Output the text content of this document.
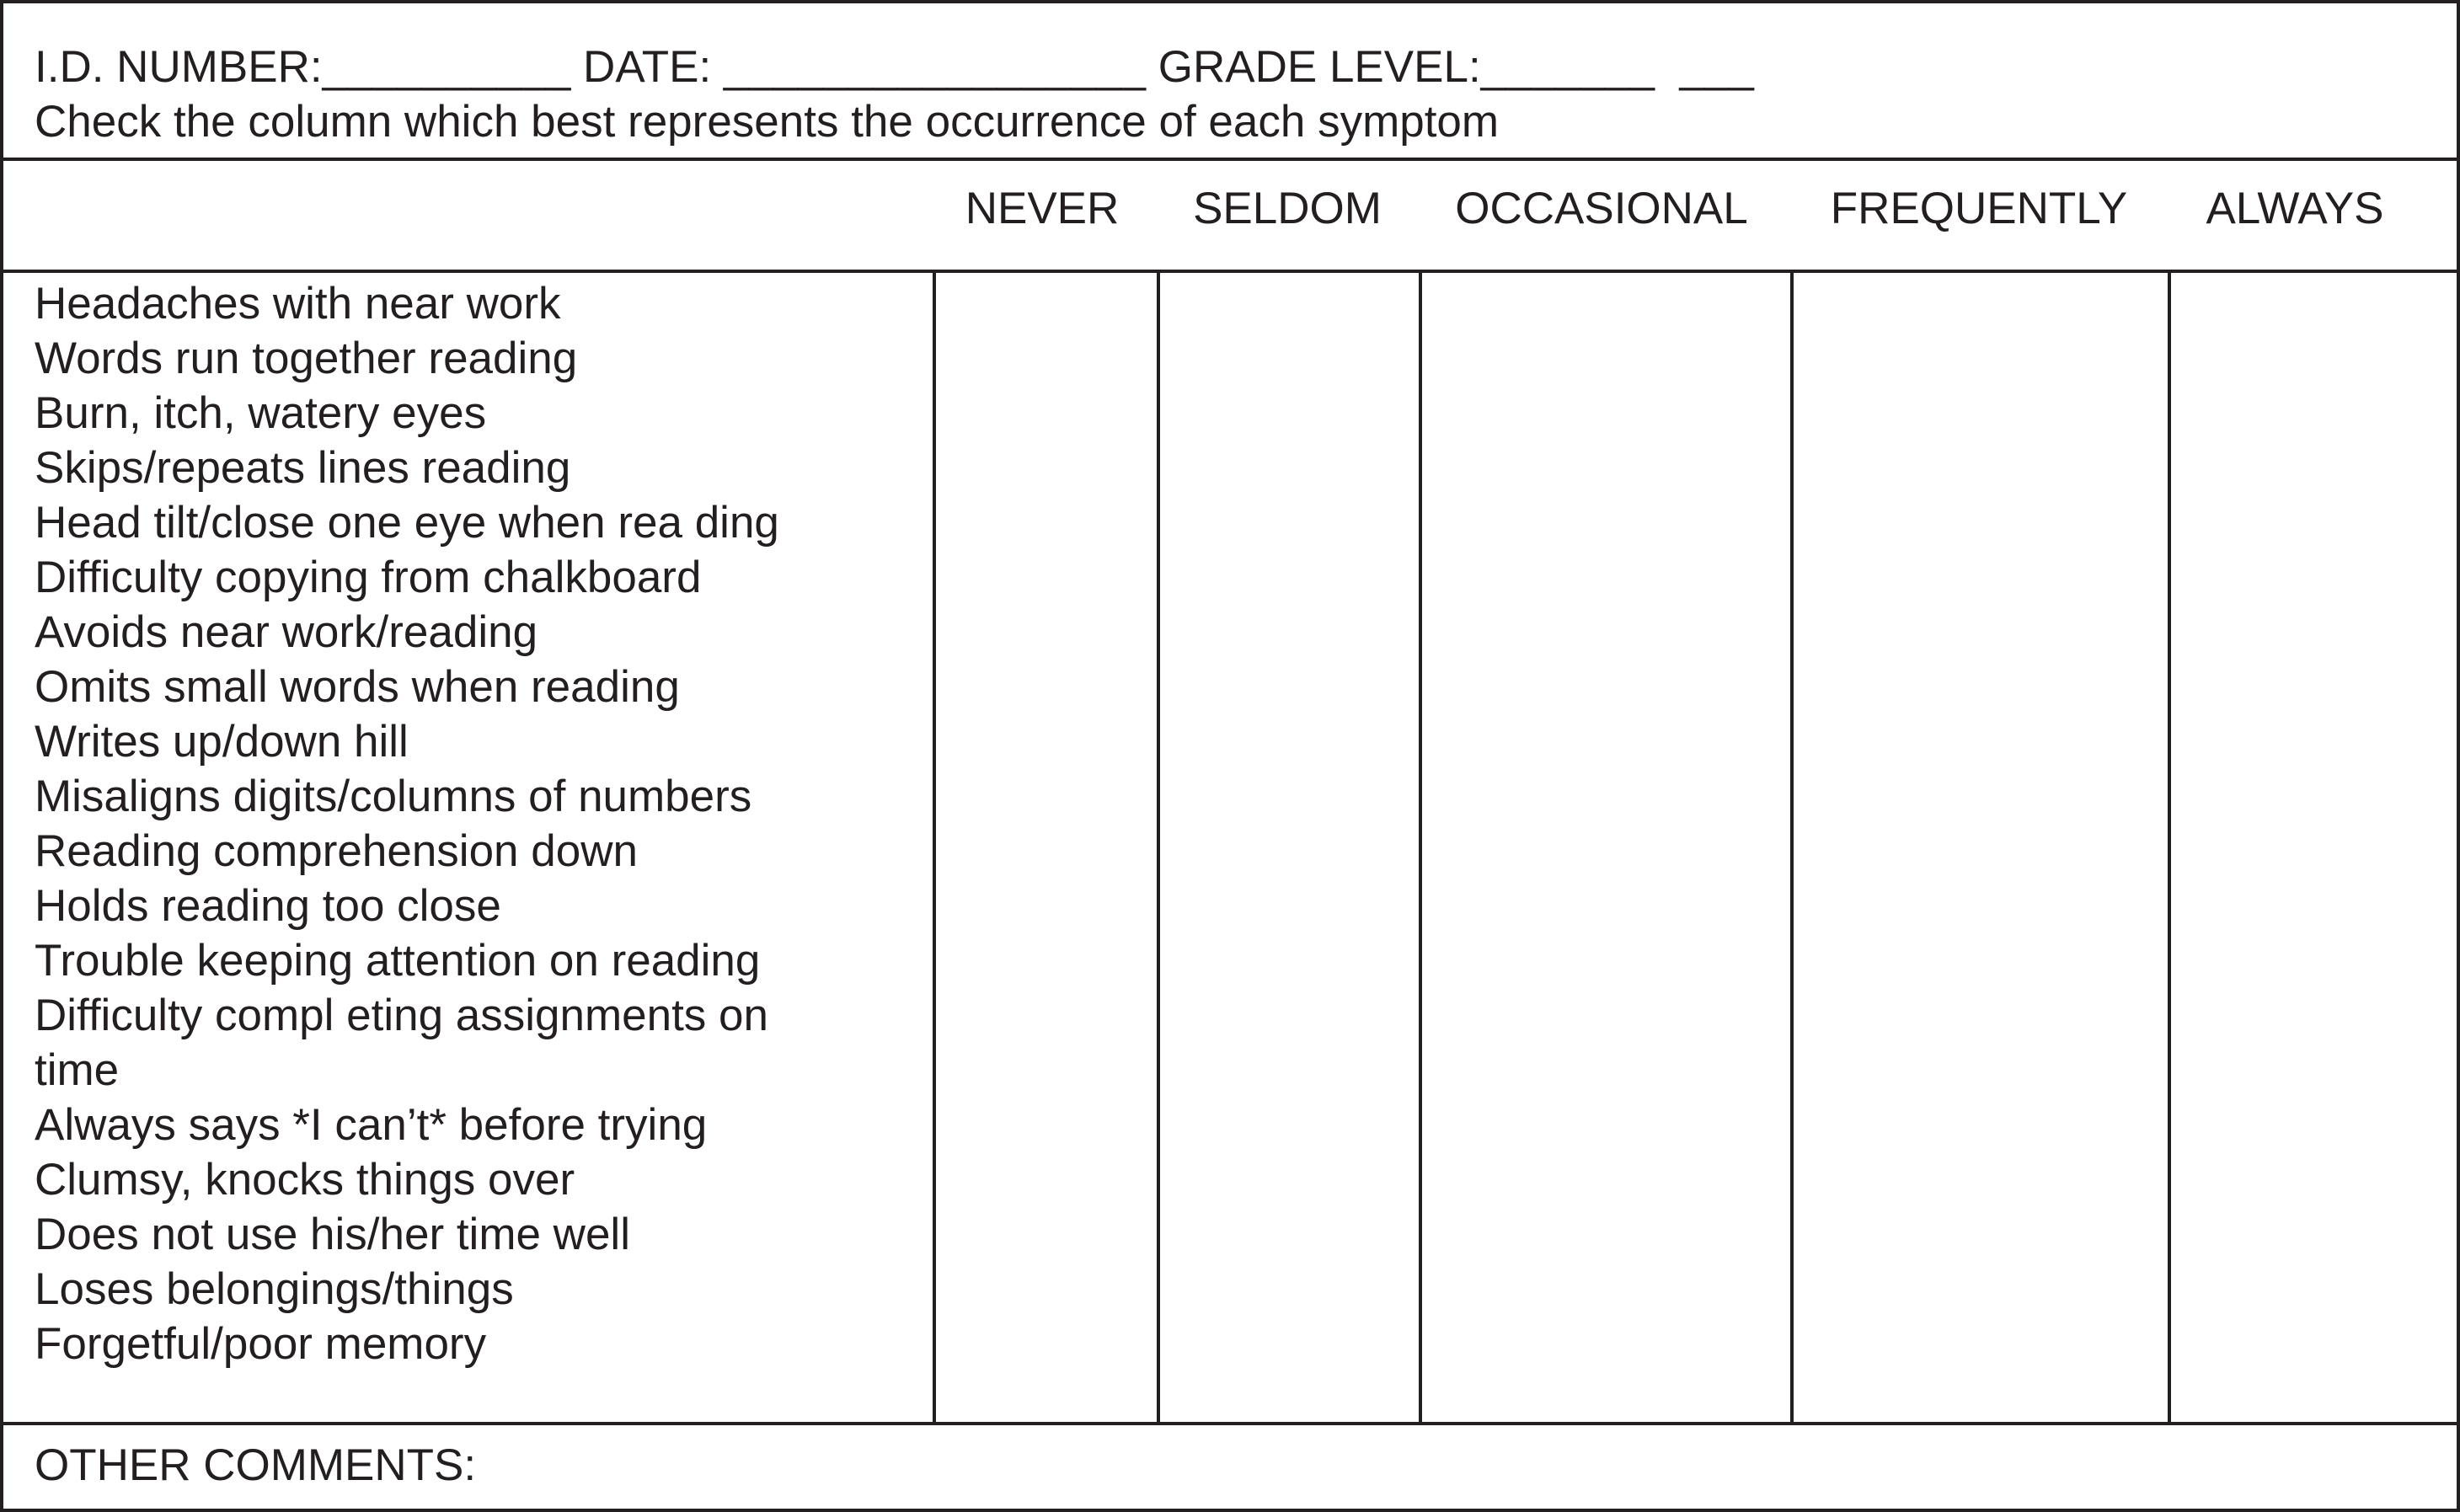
I.D. NUMBER:__________ DATE: _________________ GRADE LEVEL:_______  ___
Check the column which best represents the occurrence of each symptom
NEVER SELDOM OCCASIONAL FREQUENTLY ALWAYS
Headaches with near work
Words run together reading
Burn, itch, watery eyes
Skips/repeats lines reading
Head tilt/close one eye when rea ding
Difficulty copying from chalkboard
Avoids near work/reading
Omits small words when reading
Writes up/down hill
Misaligns digits/columns of numbers
Reading comprehension down
Holds reading too close
Trouble keeping attention on reading
Difficulty compl eting assignments on
time
Always says *I can’t* before trying
Clumsy, knocks things over
Does not use his/her time well
Loses belongings/things
Forgetful/poor memory
OTHER COMMENTS:
